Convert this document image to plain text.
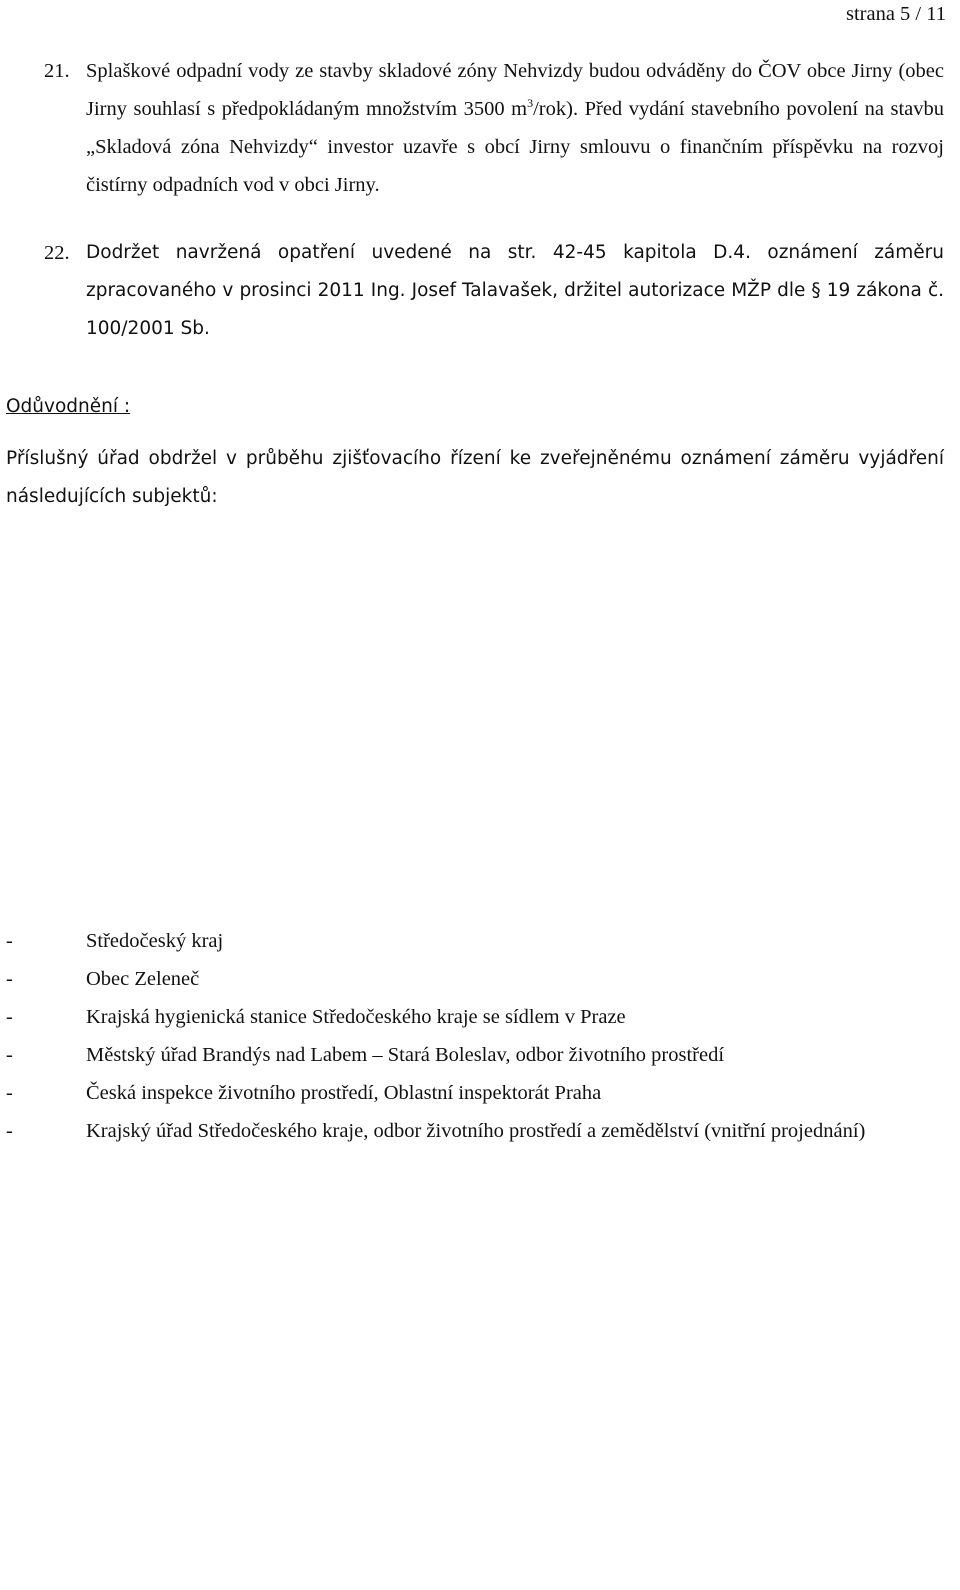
strana 5 / 11
21. Splaškové odpadní vody ze stavby skladové zóny Nehvizdy budou odváděny do ČOV obce Jirny (obec Jirny souhlasí s předpokládaným množstvím 3500 $m^3/rok$). Před vydání stavebního povolení na stavbu „Skladová zóna Nehvizdy“ investor uzavře s obcí Jirny smlouvu o finančním příspěvku na rozvoj čistírny odpadních vod v obci Jirny.
22. Dodržet navržená opatření uvedené na str. 42-45 kapitola D.4. oznámení záměru zpracovaného v prosinci 2011 Ing. Josef Talavašek, držitel autorizace MŽP dle § 19 zákona č. 100/2001 Sb.
Odůvodnění :
Příslušný úřad obdržel v průběhu zjišťovacího řízení ke zveřejněnému oznámení záměru vyjádření následujících subjektů:
-	Středočeský kraj
-	Obec Zeleneč
-	Krajská hygienická stanice Středočeského kraje se sídlem v Praze
-	Městský úřad Brandýs nad Labem – Stará Boleslav, odbor životního prostředí
-	Česká inspekce životního prostředí, Oblastní inspektorát Praha
-	Krajský úřad Středočeského kraje, odbor životního prostředí a zemědělství (vnitřní projednání)
